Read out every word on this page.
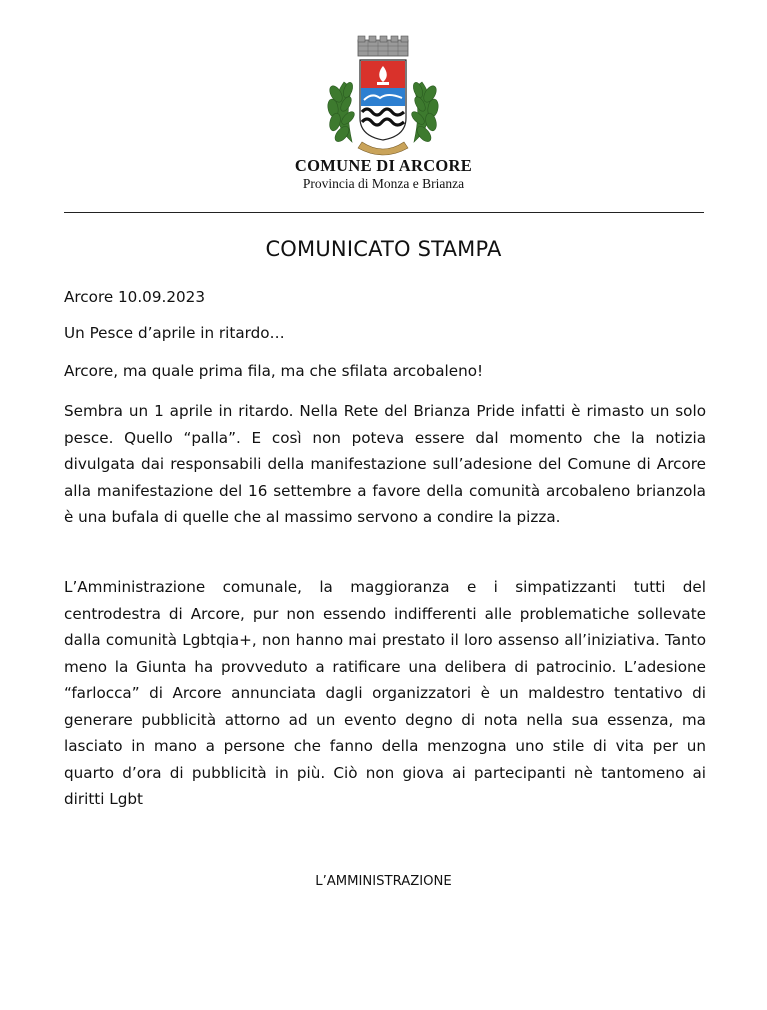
COMUNE DI ARCORE

Provincia di Monza e Brianza

COMUNICATO STAMPA

Arcore 10.09.2023

Un Pesce d’aprile in ritardo…

Arcore, ma quale prima fila, ma che sfilata arcobaleno!

Sembra un 1 aprile in ritardo. Nella Rete del Brianza Pride infatti è rimasto un solo pesce. Quello “palla”. E così non poteva essere dal momento che la notizia divulgata dai responsabili della manifestazione sull’adesione del Comune di Arcore alla manifestazione del 16 settembre a favore della comunità arcobaleno brianzola è una bufala di quelle che al massimo servono a condire la pizza.

L’Amministrazione comunale, la maggioranza e i simpatizzanti tutti del centrodestra di Arcore, pur non essendo indifferenti alle problematiche sollevate dalla comunità Lgbtqia+, non hanno mai prestato il loro assenso all’iniziativa. Tanto meno la Giunta ha provveduto a ratificare una delibera di patrocinio. L’adesione “farlocca” di Arcore annunciata dagli organizzatori è un maldestro tentativo di generare pubblicità attorno ad un evento degno di nota nella sua essenza, ma lasciato in mano a persone che fanno della menzogna uno stile di vita per un quarto d’ora di pubblicità in più. Ciò non giova ai partecipanti nè tantomeno ai diritti Lgbt

L’AMMINISTRAZIONE
